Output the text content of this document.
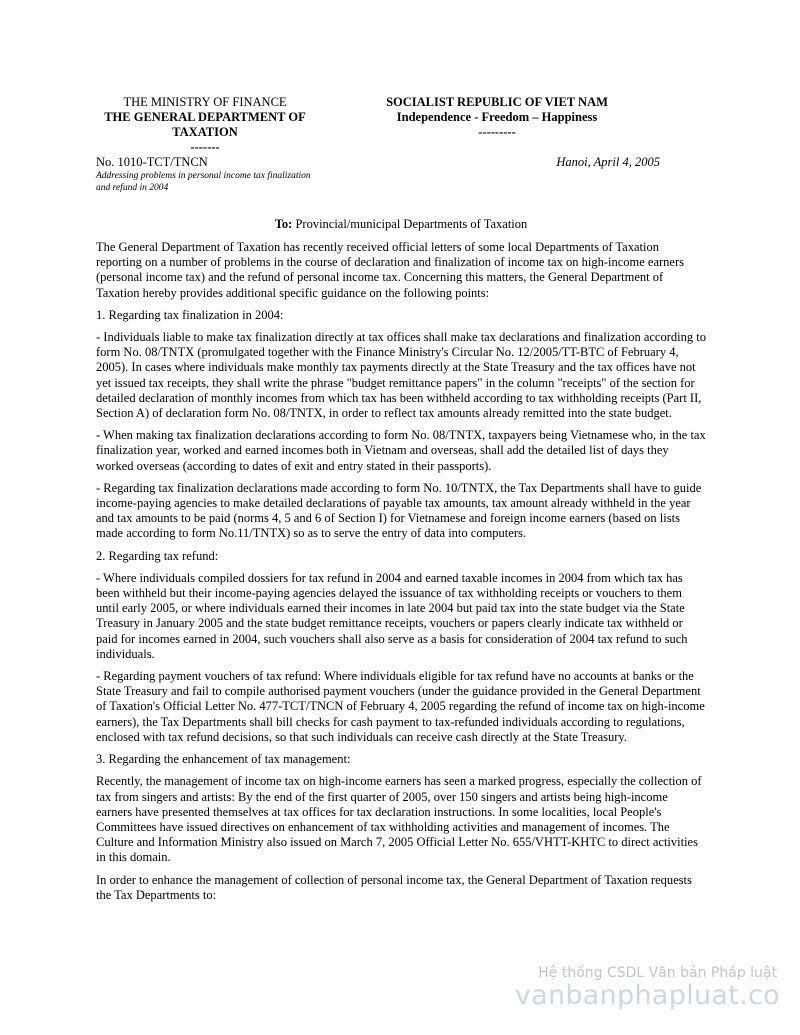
THE MINISTRY OF FINANCE
THE GENERAL DEPARTMENT OF TAXATION
-------
SOCIALIST REPUBLIC OF VIET NAM
Independence - Freedom – Happiness
---------
No. 1010-TCT/TNCN
Addressing problems in personal income tax finalization and refund in 2004
Hanoi, April 4, 2005
To: Provincial/municipal Departments of Taxation

The General Department of Taxation has recently received official letters of some local Departments of Taxation reporting on a number of problems in the course of declaration and finalization of income tax on high-income earners (personal income tax) and the refund of personal income tax. Concerning this matters, the General Department of Taxation hereby provides additional specific guidance on the following points:

1. Regarding tax finalization in 2004:

- Individuals liable to make tax finalization directly at tax offices shall make tax declarations and finalization according to form No. 08/TNTX (promulgated together with the Finance Ministry's Circular No. 12/2005/TT-BTC of February 4, 2005). In cases where individuals make monthly tax payments directly at the State Treasury and the tax offices have not yet issued tax receipts, they shall write the phrase "budget remittance papers" in the column "receipts" of the section for detailed declaration of monthly incomes from which tax has been withheld according to tax withholding receipts (Part II, Section A) of declaration form No. 08/TNTX, in order to reflect tax amounts already remitted into the state budget.

- When making tax finalization declarations according to form No. 08/TNTX, taxpayers being Vietnamese who, in the tax finalization year, worked and earned incomes both in Vietnam and overseas, shall add the detailed list of days they worked overseas (according to dates of exit and entry stated in their passports).

- Regarding tax finalization declarations made according to form No. 10/TNTX, the Tax Departments shall have to guide income-paying agencies to make detailed declarations of payable tax amounts, tax amount already withheld in the year and tax amounts to be paid (norms 4, 5 and 6 of Section I) for Vietnamese and foreign income earners (based on lists made according to form No.11/TNTX) so as to serve the entry of data into computers.

2. Regarding tax refund:

- Where individuals compiled dossiers for tax refund in 2004 and earned taxable incomes in 2004 from which tax has been withheld but their income-paying agencies delayed the issuance of tax withholding receipts or vouchers to them until early 2005, or where individuals earned their incomes in late 2004 but paid tax into the state budget via the State Treasury in January 2005 and the state budget remittance receipts, vouchers or papers clearly indicate tax withheld or paid for incomes earned in 2004, such vouchers shall also serve as a basis for consideration of 2004 tax refund to such individuals.

- Regarding payment vouchers of tax refund: Where individuals eligible for tax refund have no accounts at banks or the State Treasury and fail to compile authorised payment vouchers (under the guidance provided in the General Department of Taxation's Official Letter No. 477-TCT/TNCN of February 4, 2005 regarding the refund of income tax on high-income earners), the Tax Departments shall bill checks for cash payment to tax-refunded individuals according to regulations, enclosed with tax refund decisions, so that such individuals can receive cash directly at the State Treasury.

3. Regarding the enhancement of tax management:

Recently, the management of income tax on high-income earners has seen a marked progress, especially the collection of tax from singers and artists: By the end of the first quarter of 2005, over 150 singers and artists being high-income earners have presented themselves at tax offices for tax declaration instructions. In some localities, local People's Committees have issued directives on enhancement of tax withholding activities and management of incomes. The Culture and Information Ministry also issued on March 7, 2005 Official Letter No. 655/VHTT-KHTC to direct activities in this domain.

In order to enhance the management of collection of personal income tax, the General Department of Taxation requests the Tax Departments to:

Hệ thống CSDL Văn bản Pháp luật
vanbanphapluat.co
